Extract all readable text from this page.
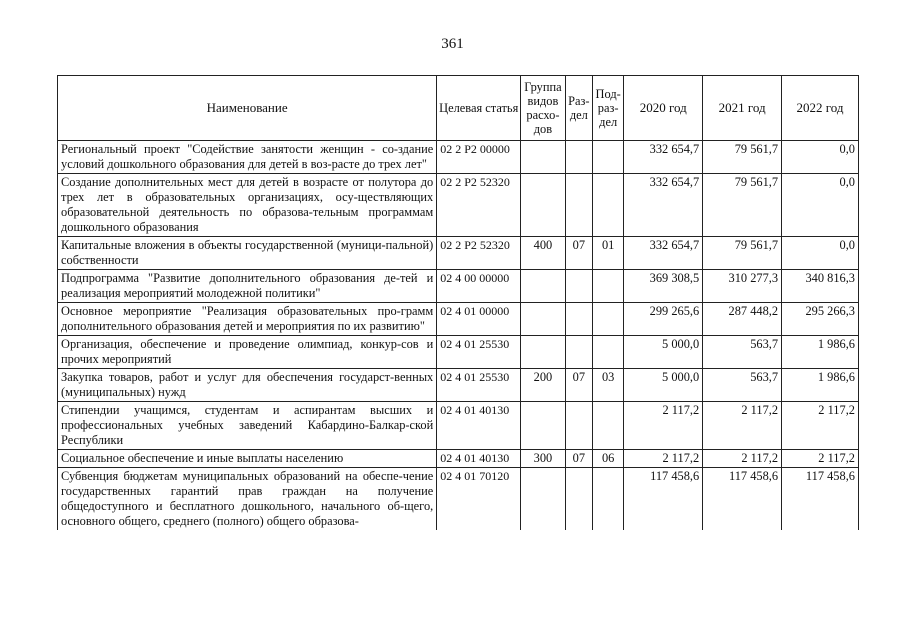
361
Наименование	Целевая статья	Группа видов расхо-дов	Раз-дел	Под-раз-дел	2020 год	2021 год	2022 год
Региональный проект "Содействие занятости женщин - со-здание условий дошкольного образования для детей в воз-расте до трех лет"	02 2 P2 00000				332 654,7	79 561,7	0,0
Создание дополнительных мест для детей в возрасте от полутора до трех лет в образовательных организациях, осу-ществляющих образовательной деятельность по образова-тельным программам дошкольного образования	02 2 P2 52320				332 654,7	79 561,7	0,0
Капитальные вложения в объекты государственной (муници-пальной) собственности	02 2 P2 52320	400	07	01	332 654,7	79 561,7	0,0
Подпрограмма "Развитие дополнительного образования де-тей и реализация мероприятий молодежной политики"	02 4 00 00000				369 308,5	310 277,3	340 816,3
Основное мероприятие "Реализация образовательных про-грамм дополнительного образования детей и мероприятия по их развитию"	02 4 01 00000				299 265,6	287 448,2	295 266,3
Организация, обеспечение и проведение олимпиад, конкур-сов и прочих мероприятий	02 4 01 25530				5 000,0	563,7	1 986,6
Закупка товаров, работ и услуг для обеспечения государст-венных (муниципальных) нужд	02 4 01 25530	200	07	03	5 000,0	563,7	1 986,6
Стипендии учащимся, студентам и аспирантам высших и профессиональных учебных заведений Кабардино-Балкар-ской Республики	02 4 01 40130				2 117,2	2 117,2	2 117,2
Социальное обеспечение и иные выплаты населению	02 4 01 40130	300	07	06	2 117,2	2 117,2	2 117,2
Субвенция бюджетам муниципальных образований на обеспе-чение государственных гарантий прав граждан на получение общедоступного и бесплатного дошкольного, начального об-щего, основного общего, среднего (полного) общего образова-	02 4 01 70120				117 458,6	117 458,6	117 458,6
